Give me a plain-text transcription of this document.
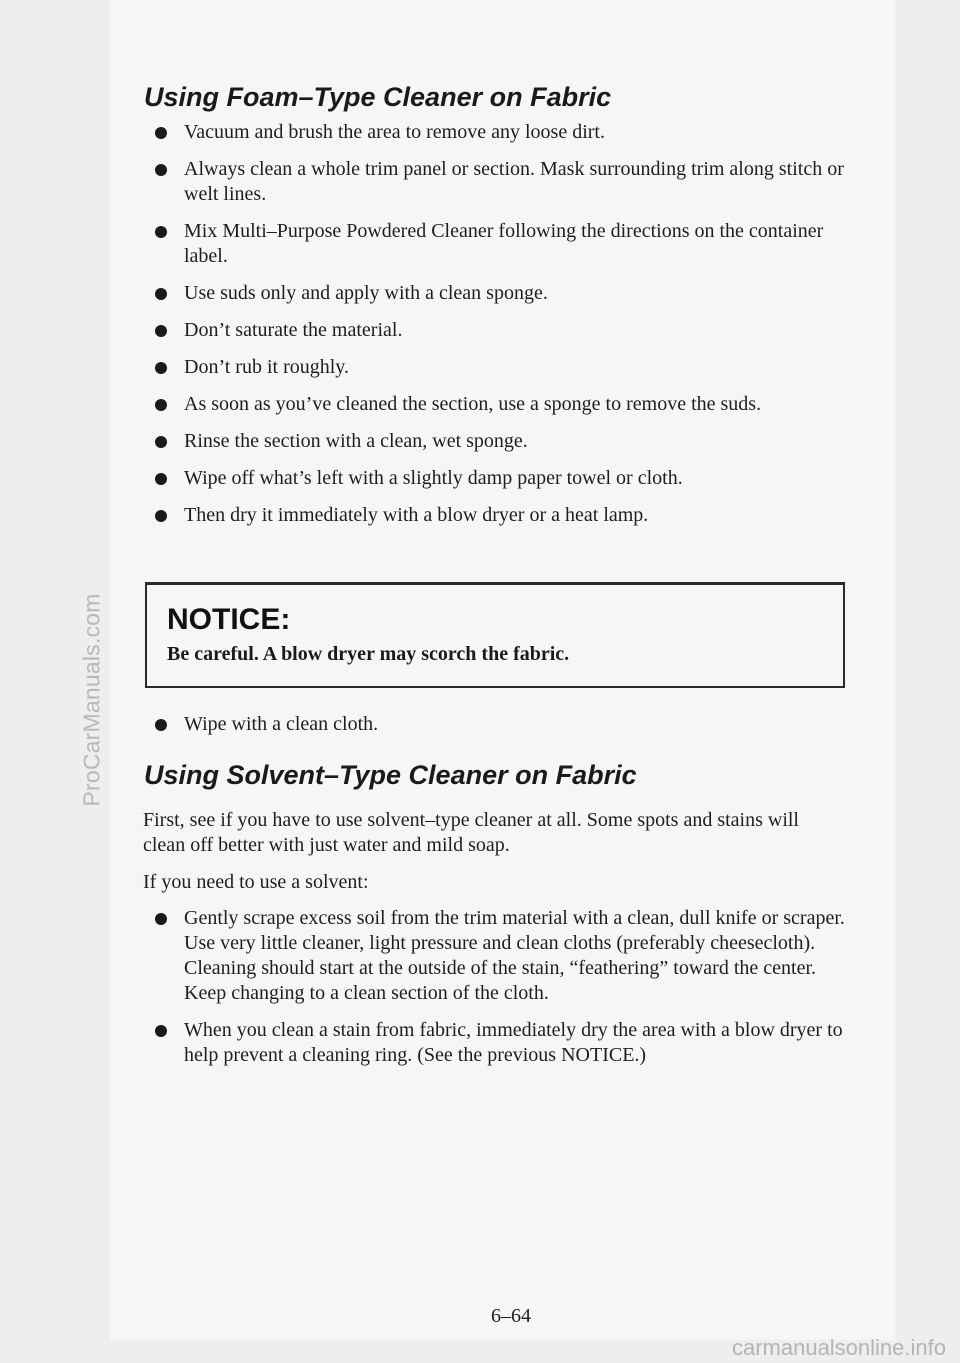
ProCarManuals.com
Using Foam–Type Cleaner on Fabric
Vacuum and brush the area to remove any loose dirt.
Always clean a whole trim panel or section. Mask surrounding trim along stitch or welt lines.
Mix Multi–Purpose Powdered Cleaner following the directions on the container label.
Use suds only and apply with a clean sponge.
Don’t saturate the material.
Don’t rub it roughly.
As soon as you’ve cleaned the section, use a sponge to remove the suds.
Rinse the section with a clean, wet sponge.
Wipe off what’s left with a slightly damp paper towel or cloth.
Then dry it immediately with a blow dryer or a heat lamp.
NOTICE:
Be careful. A blow dryer may scorch the fabric.
Wipe with a clean cloth.
Using Solvent–Type Cleaner on Fabric

First, see if you have to use solvent–type cleaner at all. Some spots and stains will clean off better with just water and mild soap.

If you need to use a solvent:

Gently scrape excess soil from the trim material with a clean, dull knife or scraper. Use very little cleaner, light pressure and clean cloths (preferably cheesecloth). Cleaning should start at the outside of the stain, “feathering” toward the center. Keep changing to a clean section of the cloth.
When you clean a stain from fabric, immediately dry the area with a blow dryer to help prevent a cleaning ring. (See the previous NOTICE.)
6–64
carmanualsonline.info
